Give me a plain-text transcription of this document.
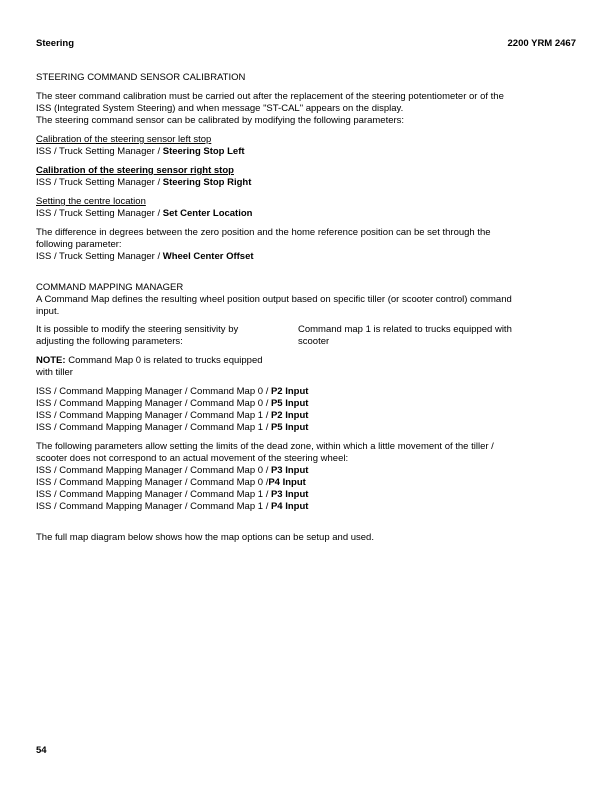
Steering	2200 YRM 2467

STEERING COMMAND SENSOR CALIBRATION

The steer command calibration must be carried out after the replacement of the steering potentiometer or of the
ISS (Integrated System Steering) and when message "ST-CAL" appears on the display.
The steering command sensor can be calibrated by modifying the following parameters:

Calibration of the steering sensor left stop
ISS / Truck Setting Manager / Steering Stop Left

Calibration of the steering sensor right stop
ISS / Truck Setting Manager / Steering Stop Right

Setting the centre location
ISS / Truck Setting Manager / Set Center Location

The difference in degrees between the zero position and the home reference position can be set through the
following parameter:
ISS / Truck Setting Manager / Wheel Center Offset

COMMAND MAPPING MANAGER

A Command Map defines the resulting wheel position output based on specific tiller (or scooter control) command
input.

It is possible to modify the steering sensitivity by
adjusting the following parameters:
Command map 1 is related to trucks equipped with
scooter

NOTE: Command Map 0 is related to trucks equipped
with tiller

ISS / Command Mapping Manager / Command Map 0 / P2 Input
ISS / Command Mapping Manager / Command Map 0 / P5 Input
ISS / Command Mapping Manager / Command Map 1 / P2 Input
ISS / Command Mapping Manager / Command Map 1 / P5 Input

The following parameters allow setting the limits of the dead zone, within which a little movement of the tiller /
scooter does not correspond to an actual movement of the steering wheel:
ISS / Command Mapping Manager / Command Map 0 / P3 Input
ISS / Command Mapping Manager / Command Map 0 /P4 Input
ISS / Command Mapping Manager / Command Map 1 / P3 Input
ISS / Command Mapping Manager / Command Map 1 / P4 Input

The full map diagram below shows how the map options can be setup and used.

54
